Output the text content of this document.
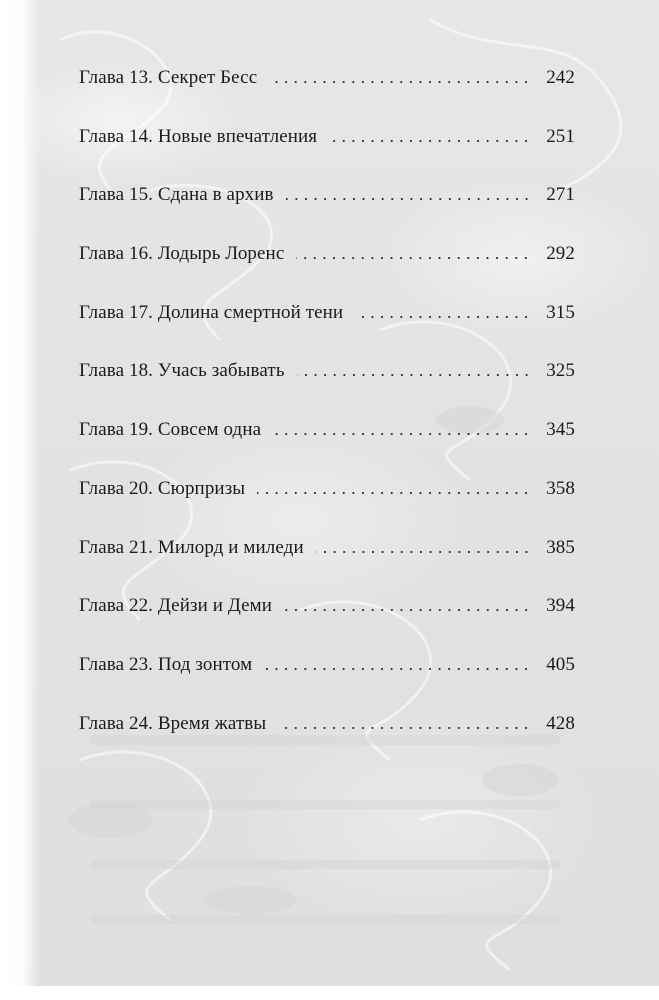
Глава 13. Секрет Бесс	242
Глава 14. Новые впечатления	251
Глава 15. Сдана в архив	271
Глава 16. Лодырь Лоренс	292
Глава 17. Долина смертной тени	315
Глава 18. Учась забывать	325
Глава 19. Совсем одна	345
Глава 20. Сюрпризы	358
Глава 21. Милорд и миледи	385
Глава 22. Дейзи и Деми	394
Глава 23. Под зонтом	405
Глава 24. Время жатвы	428
